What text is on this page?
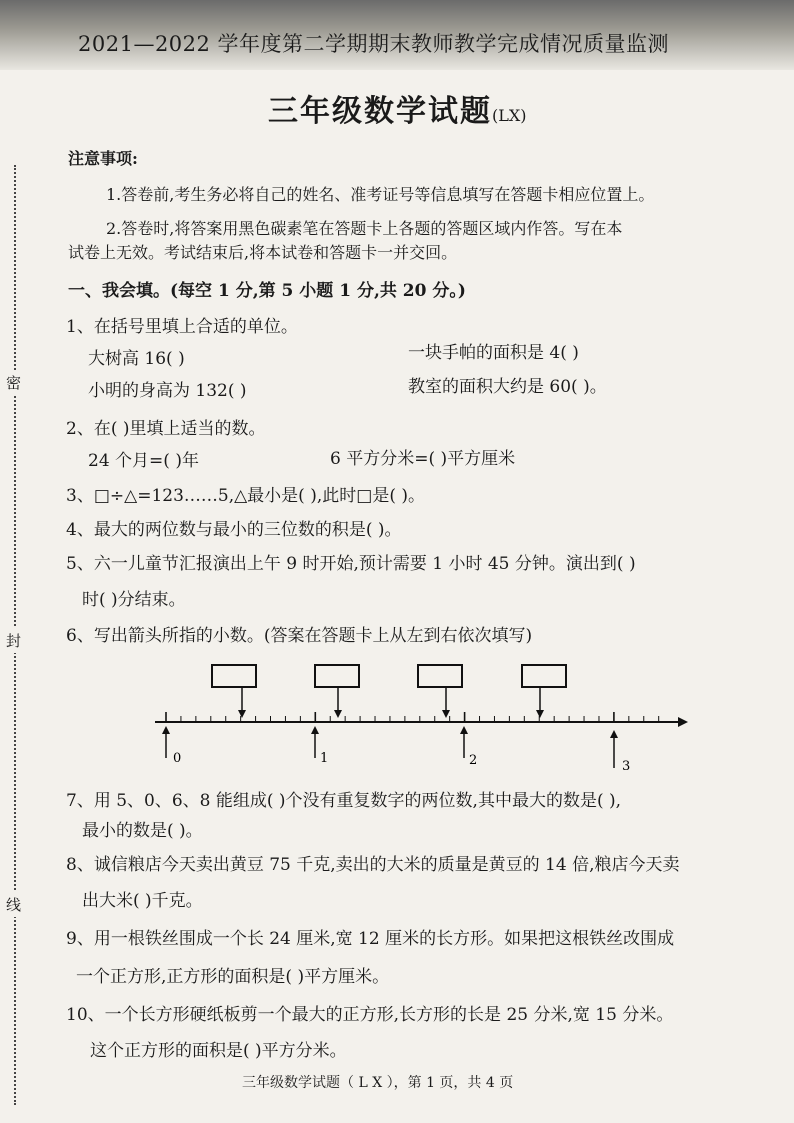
密
封
线
2021—2022 学年度第二学期期末教师教学完成情况质量监测
三年级数学试题(LX)
注意事项:
1.答卷前,考生务必将自己的姓名、准考证号等信息填写在答题卡相应位置上。
2.答卷时,将答案用黑色碳素笔在答题卡上各题的答题区域内作答。写在本
试卷上无效。考试结束后,将本试卷和答题卡一并交回。
一、我会填。(每空 1 分,第 5 小题 1 分,共 20 分。)
1、在括号里填上合适的单位。
大树高 16( )	一块手帕的面积是 4( )
小明的身高为 132( )	教室的面积大约是 60( )。
2、在( )里填上适当的数。
24 个月=( )年	6 平方分米=( )平方厘米
3、□÷△=123……5,△最小是( ),此时□是( )。
4、最大的两位数与最小的三位数的积是( )。
5、六一儿童节汇报演出上午 9 时开始,预计需要 1 小时 45 分钟。演出到( )
时( )分结束。
6、写出箭头所指的小数。(答案在答题卡上从左到右依次填写)
0	1	2	3
7、用 5、0、6、8 能组成( )个没有重复数字的两位数,其中最大的数是( ),
最小的数是( )。
8、诚信粮店今天卖出黄豆 75 千克,卖出的大米的质量是黄豆的 14 倍,粮店今天卖
出大米( )千克。
9、用一根铁丝围成一个长 24 厘米,宽 12 厘米的长方形。如果把这根铁丝改围成
一个正方形,正方形的面积是( )平方厘米。
10、一个长方形硬纸板剪一个最大的正方形,长方形的长是 25 分米,宽 15 分米。
这个正方形的面积是( )平方分米。
三年级数学试题（ L X ），第 1 页，共 4 页
